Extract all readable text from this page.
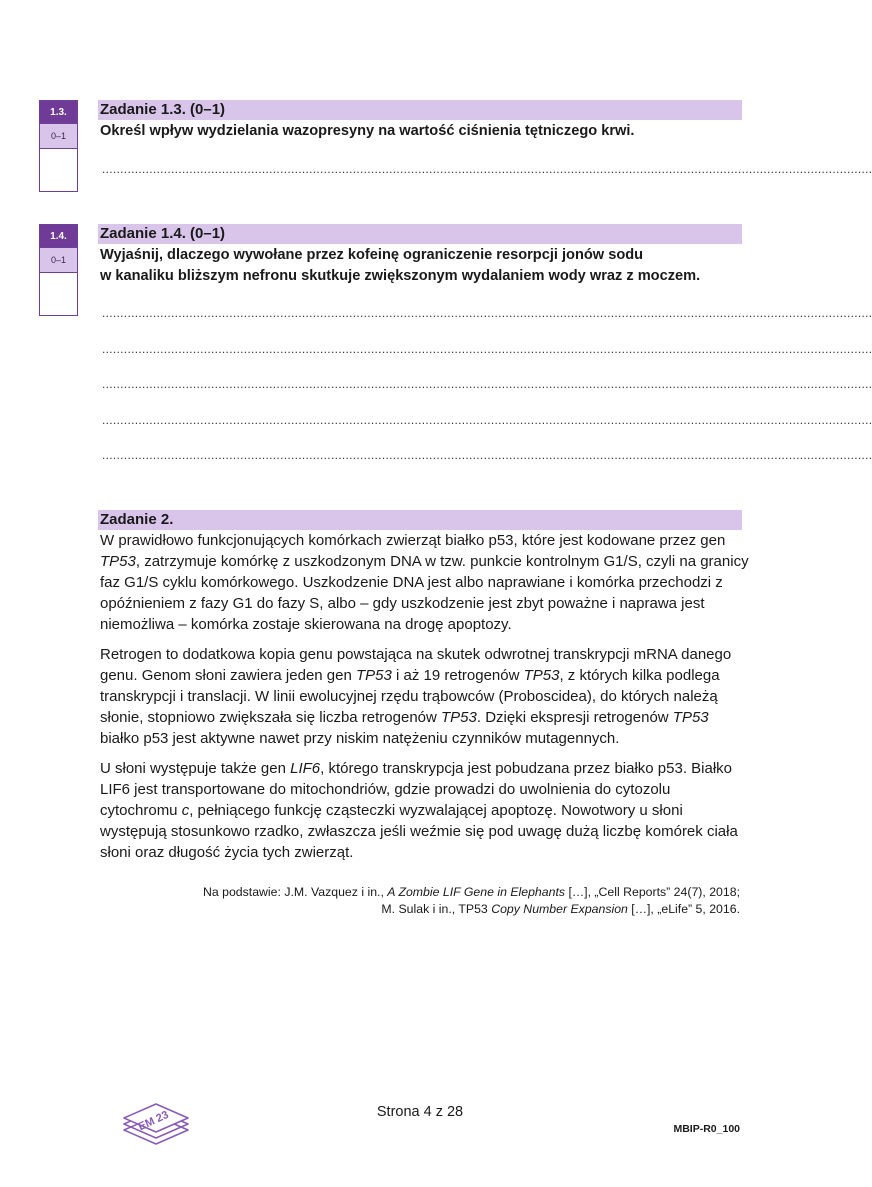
1.3.
0–1
Zadanie 1.3. (0–1)
Określ wpływ wydzielania wazopresyny na wartość ciśnienia tętniczego krwi.
....................................................................................................................................................................................................................
1.4.
0–1
Zadanie 1.4. (0–1)
Wyjaśnij, dlaczego wywołane przez kofeinę ograniczenie resorpcji jonów sodu
w kanaliku bliższym nefronu skutkuje zwiększonym wydalaniem wody wraz z moczem.
....................................................................................................................................................................................................................
....................................................................................................................................................................................................................
....................................................................................................................................................................................................................
....................................................................................................................................................................................................................
....................................................................................................................................................................................................................
Zadanie 2.

W prawidłowo funkcjonujących komórkach zwierząt białko p53, które jest kodowane przez gen TP53, zatrzymuje komórkę z uszkodzonym DNA w tzw. punkcie kontrolnym G1/S, czyli na granicy faz G1/S cyklu komórkowego. Uszkodzenie DNA jest albo naprawiane i komórka przechodzi z opóźnieniem z fazy G1 do fazy S, albo – gdy uszkodzenie jest zbyt poważne i naprawa jest niemożliwa – komórka zostaje skierowana na drogę apoptozy.

Retrogen to dodatkowa kopia genu powstająca na skutek odwrotnej transkrypcji mRNA danego genu. Genom słoni zawiera jeden gen TP53 i aż 19 retrogenów TP53, z których kilka podlega transkrypcji i translacji. W linii ewolucyjnej rzędu trąbowców (Proboscidea), do których należą słonie, stopniowo zwiększała się liczba retrogenów TP53. Dzięki ekspresji retrogenów TP53 białko p53 jest aktywne nawet przy niskim natężeniu czynników mutagennych.

U słoni występuje także gen LIF6, którego transkrypcja jest pobudzana przez białko p53. Białko LIF6 jest transportowane do mitochondriów, gdzie prowadzi do uwolnienia do cytozolu cytochromu c, pełniącego funkcję cząsteczki wyzwalającej apoptozę. Nowotwory u słoni występują stosunkowo rzadko, zwłaszcza jeśli weźmie się pod uwagę dużą liczbę komórek ciała słoni oraz długość życia tych zwierząt.

Na podstawie: J.M. Vazquez i in., A Zombie LIF Gene in Elephants […], „Cell Reports” 24(7), 2018;
M. Sulak i in., TP53 Copy Number Expansion […], „eLife” 5, 2016.
EM 23	Strona 4 z 28
MBIP-R0_100
